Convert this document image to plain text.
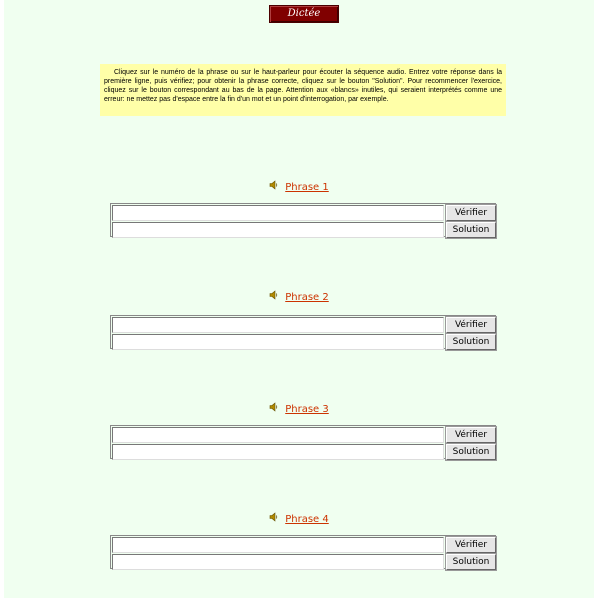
Dictée
Cliquez sur le numéro de la phrase ou sur le haut-parleur pour écouter la séquence audio. Entrez votre réponse dans la première ligne, puis vérifiez; pour obtenir la phrase correcte, cliquez sur le bouton "Solution". Pour recommencer l'exercice, cliquez sur le bouton correspondant au bas de la page. Attention aux «blancs» inutiles, qui seraient interprétés comme une erreur: ne mettez pas d'espace entre la fin d'un mot et un point d'interrogation, par exemple.
Phrase 1
Vérifier
Solution
Phrase 2
Vérifier
Solution
Phrase 3
Vérifier
Solution
Phrase 4
Vérifier
Solution
